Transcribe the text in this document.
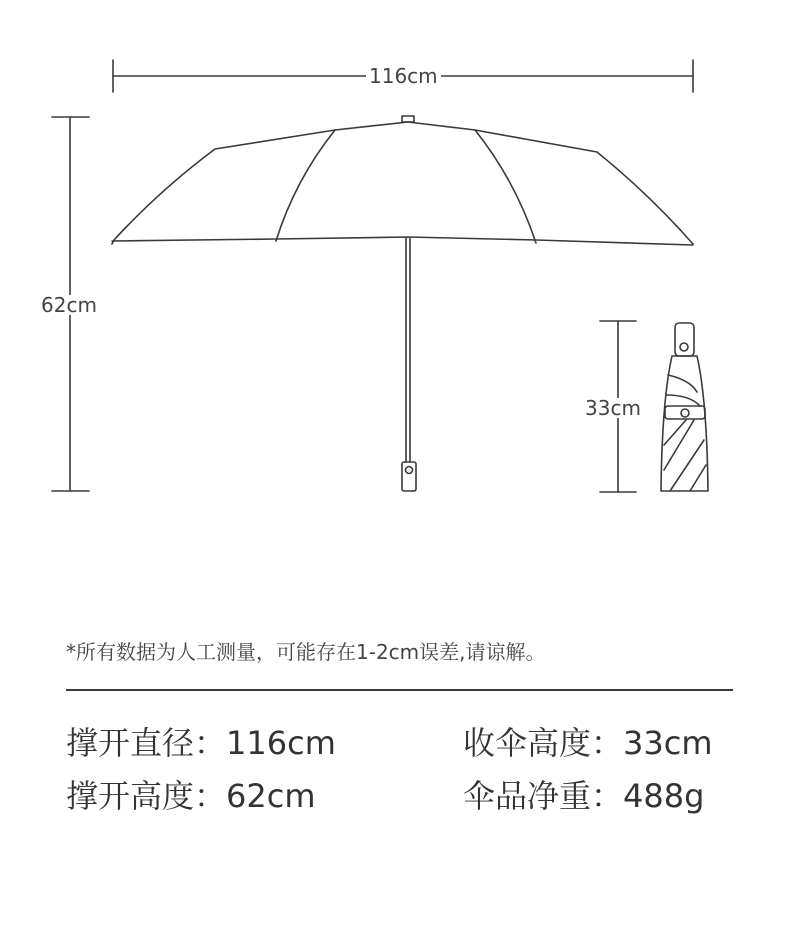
116cm
62cm
33cm
*所有数据为人工测量，可能存在1-2cm误差,请谅解。
撑开直径：116cm
撑开高度：62cm
收伞高度：33cm
伞品净重：488g
